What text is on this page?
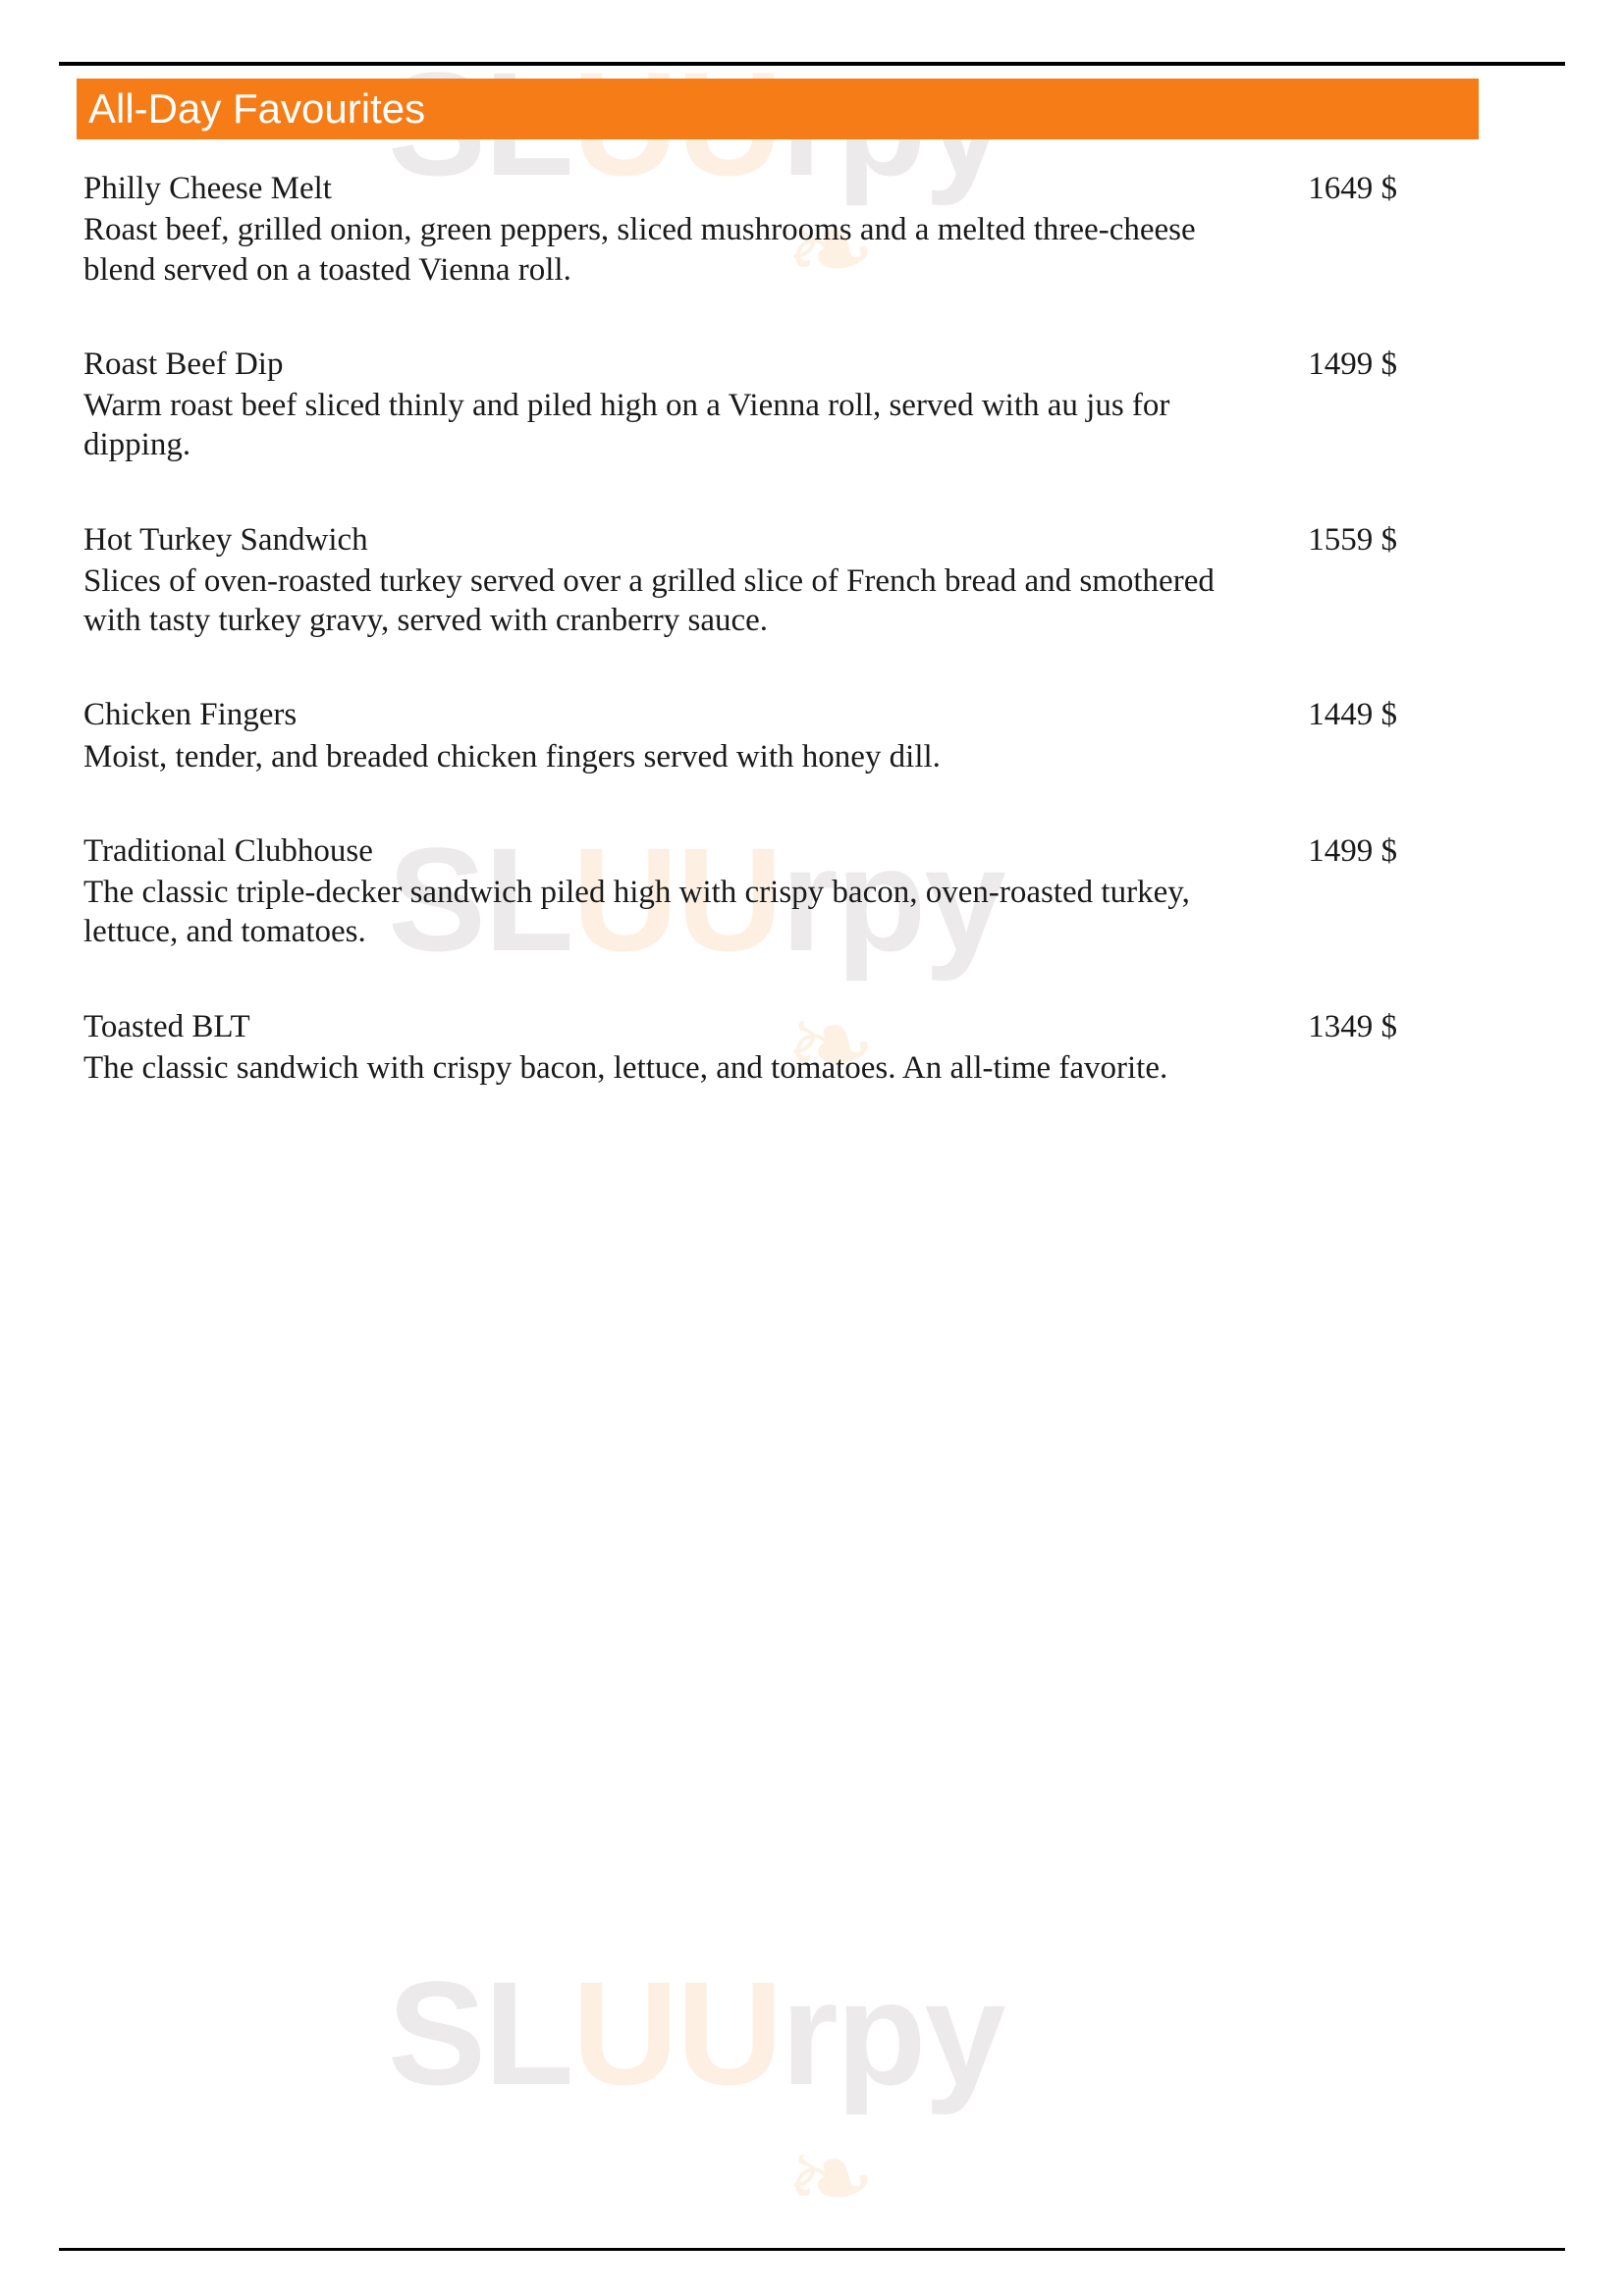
❧
SLUUrpy
❧
SLUUrpy
❧
All-Day Favourites
Philly Cheese Melt
Roast beef, grilled onion, green peppers, sliced mushrooms and a melted three-cheese blend served on a toasted Vienna roll.
1649 $
Roast Beef Dip
Warm roast beef sliced thinly and piled high on a Vienna roll, served with au jus for dipping.
1499 $
Hot Turkey Sandwich
Slices of oven-roasted turkey served over a grilled slice of French bread and smothered with tasty turkey gravy, served with cranberry sauce.
1559 $
Chicken Fingers
Moist, tender, and breaded chicken fingers served with honey dill.
1449 $
Traditional Clubhouse
The classic triple-decker sandwich piled high with crispy bacon, oven-roasted turkey, lettuce, and tomatoes.
1499 $
Toasted BLT
The classic sandwich with crispy bacon, lettuce, and tomatoes. An all-time favorite.
1349 $
